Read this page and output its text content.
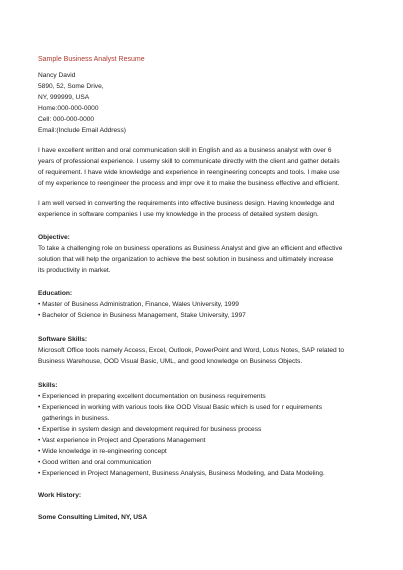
Sample Business Analyst Resume
Nancy David
5890, 52, Some Drive,
NY, 999999, USA
Home:000-000-0000
Cell: 000-000-0000
Email:(Include Email Address)
I have excellent written and oral communication skill in English and as a business analyst with over 6
years of professional experience. I usemy skill to communicate directly with the client and gather details
of requirement. I have wide knowledge and experience in reengineering concepts and tools. I make use
of my experience to reengineer the process and impr ove it to make the business effective and efficient.
I am well versed in converting the requirements into effective business design. Having knowledge and
experience in software companies I use my knowledge in the process of detailed system design.
Objective:
To take a challenging role on business operations as Business Analyst and give an efficient and effective
solution that will help the organization to achieve the best solution in business and ultimately increase
its productivity in market.
Education:
• Master of Business Administration, Finance, Wales University, 1999
• Bachelor of Science in Business Management, Stake University, 1997
Software Skills:
Microsoft Office tools namely Access, Excel, Outlook, PowerPoint and Word, Lotus Notes, SAP related to
Business Warehouse, OOD Visual Basic, UML, and good knowledge on Business Objects.
Skills:
• Experienced in preparing excellent documentation on business requirements
• Experienced in working with various tools like OOD Visual Basic which is used for r equirements
gatherings in business.
• Expertise in system design and development required for business process
• Vast experience in Project and Operations Management
• Wide knowledge in re-engineering concept
• Good written and oral communication
• Experienced in Project Management, Business Analysis, Business Modeling, and Data Modeling.
Work History:
Some Consulting Limited, NY, USA
